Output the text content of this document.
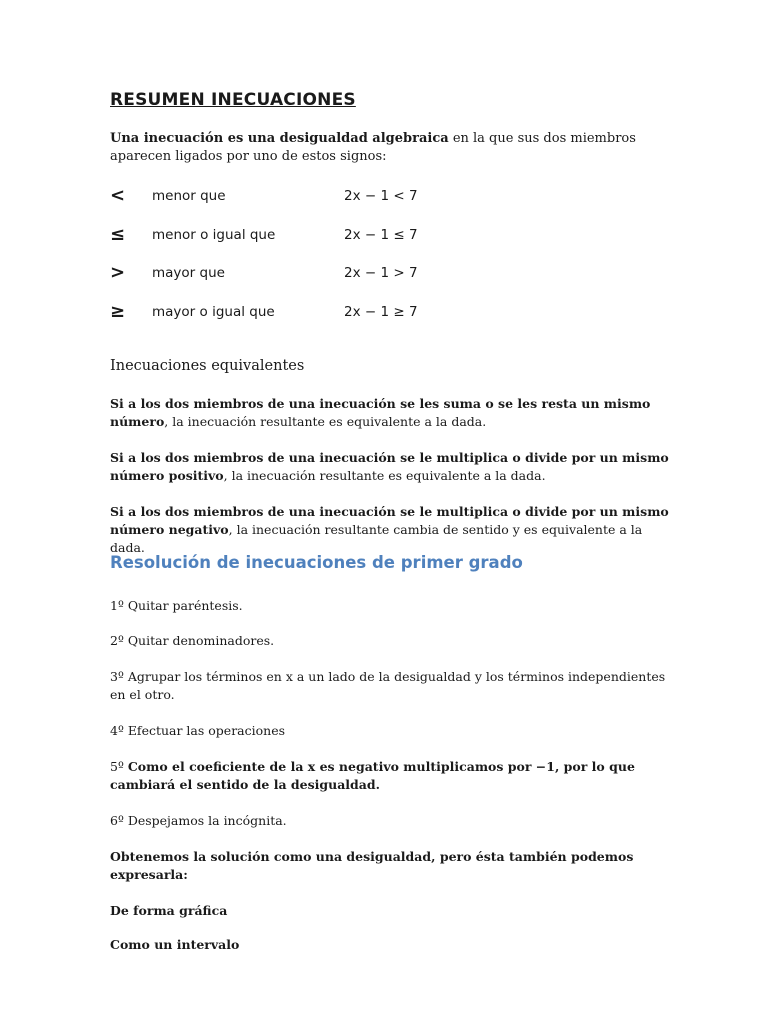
RESUMEN INECUACIONES

Una inecuación es una desigualdad algebraica en la que sus dos miembros aparecen ligados por uno de estos signos:

<	menor que	2x − 1 < 7
≤	menor o igual que	2x − 1 ≤ 7
>	mayor que	2x − 1 > 7
≥	mayor o igual que	2x − 1 ≥ 7
Inecuaciones equivalentes

Si a los dos miembros de una inecuación se les suma o se les resta un mismo número, la inecuación resultante es equivalente a la dada.

Si a los dos miembros de una inecuación se le multiplica o divide por un mismo número positivo, la inecuación resultante es equivalente a la dada.

Si a los dos miembros de una inecuación se le multiplica o divide por un mismo número negativo, la inecuación resultante cambia de sentido y es equivalente a la dada.

Resolución de inecuaciones de primer grado

1º Quitar paréntesis.

2º Quitar denominadores.

3º Agrupar los términos en x a un lado de la desigualdad y los términos independientes en el otro.

4º Efectuar las operaciones

5º Como el coeficiente de la x es negativo multiplicamos por −1, por lo que cambiará el sentido de la desigualdad.

6º Despejamos la incógnita.

Obtenemos la solución como una desigualdad, pero ésta también podemos expresarla:

De forma gráfica

Como un intervalo
